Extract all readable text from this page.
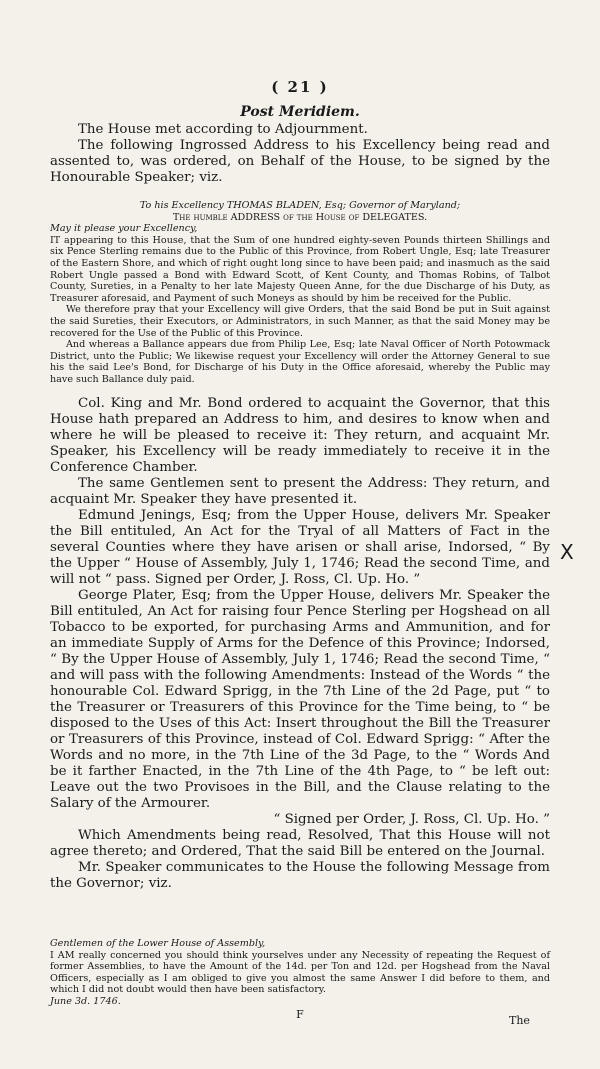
( 21 )
Post Meridiem.

The House met according to Adjournment.

The following Ingrossed Address to his Excellency being read and assented to, was ordered, on Behalf of the House, to be signed by the Honourable Speaker; viz.

To his Excellency THOMAS BLADEN, Esq; Governor of Maryland;

The humble ADDRESS of the House of DELEGATES.

May it please your Excellency,

IT appearing to this House, that the Sum of one hundred eighty-seven Pounds thirteen Shillings and six Pence Sterling remains due to the Public of this Province, from Robert Ungle, Esq; late Treasurer of the Eastern Shore, and which of right ought long since to have been paid; and inasmuch as the said Robert Ungle passed a Bond with Edward Scott, of Kent County, and Thomas Robins, of Talbot County, Sureties, in a Penalty to her late Majesty Queen Anne, for the due Discharge of his Duty, as Treasurer aforesaid, and Payment of such Moneys as should by him be received for the Public.

We therefore pray that your Excellency will give Orders, that the said Bond be put in Suit against the said Sureties, their Executors, or Administrators, in such Manner, as that the said Money may be recovered for the Use of the Public of this Province.

And whereas a Ballance appears due from Philip Lee, Esq; late Naval Officer of North Potowmack District, unto the Public; We likewise request your Excellency will order the Attorney General to sue his the said Lee's Bond, for Discharge of his Duty in the Office aforesaid, whereby the Public may have such Ballance duly paid.

Col. King and Mr. Bond ordered to acquaint the Governor, that this House hath prepared an Address to him, and desires to know when and where he will be pleased to receive it: They return, and acquaint Mr. Speaker, his Excellency will be ready immediately to receive it in the Conference Chamber.

The same Gentlemen sent to present the Address: They return, and acquaint Mr. Speaker they have presented it.

Edmund Jenings, Esq; from the Upper House, delivers Mr. Speaker the Bill entituled, An Act for the Tryal of all Matters of Fact in the several Counties where they have arisen or shall arise, Indorsed, “ By the Upper “ House of Assembly, July 1, 1746; Read the second Time, and will not “ pass. Signed per Order, J. Ross, Cl. Up. Ho. ”

George Plater, Esq; from the Upper House, delivers Mr. Speaker the Bill entituled, An Act for raising four Pence Sterling per Hogshead on all Tobacco to be exported, for purchasing Arms and Ammunition, and for an immediate Supply of Arms for the Defence of this Province; Indorsed, “ By the Upper House of Assembly, July 1, 1746; Read the second Time, “ and will pass with the following Amendments: Instead of the Words “ the honourable Col. Edward Sprigg, in the 7th Line of the 2d Page, put “ to the Treasurer or Treasurers of this Province for the Time being, to “ be disposed to the Uses of this Act: Insert throughout the Bill the Treasurer or Treasurers of this Province, instead of Col. Edward Sprigg: “ After the Words and no more, in the 7th Line of the 3d Page, to the “ Words And be it farther Enacted, in the 7th Line of the 4th Page, to “ be left out: Leave out the two Provisoes in the Bill, and the Clause relating to the Salary of the Armourer.

“ Signed per Order, J. Ross, Cl. Up. Ho. ”

Which Amendments being read, Resolved, That this House will not agree thereto; and Ordered, That the said Bill be entered on the Journal.

Mr. Speaker communicates to the House the following Message from the Governor; viz.

Gentlemen of the Lower House of Assembly,

I AM really concerned you should think yourselves under any Necessity of repeating the Request of former Assemblies, to have the Amount of the 14d. per Ton and 12d. per Hogshead from the Naval Officers, especially as I am obliged to give you almost the same Answer I did before to them, and which I did not doubt would then have been satisfactory.

June 3d. 1746.

X
F	The
